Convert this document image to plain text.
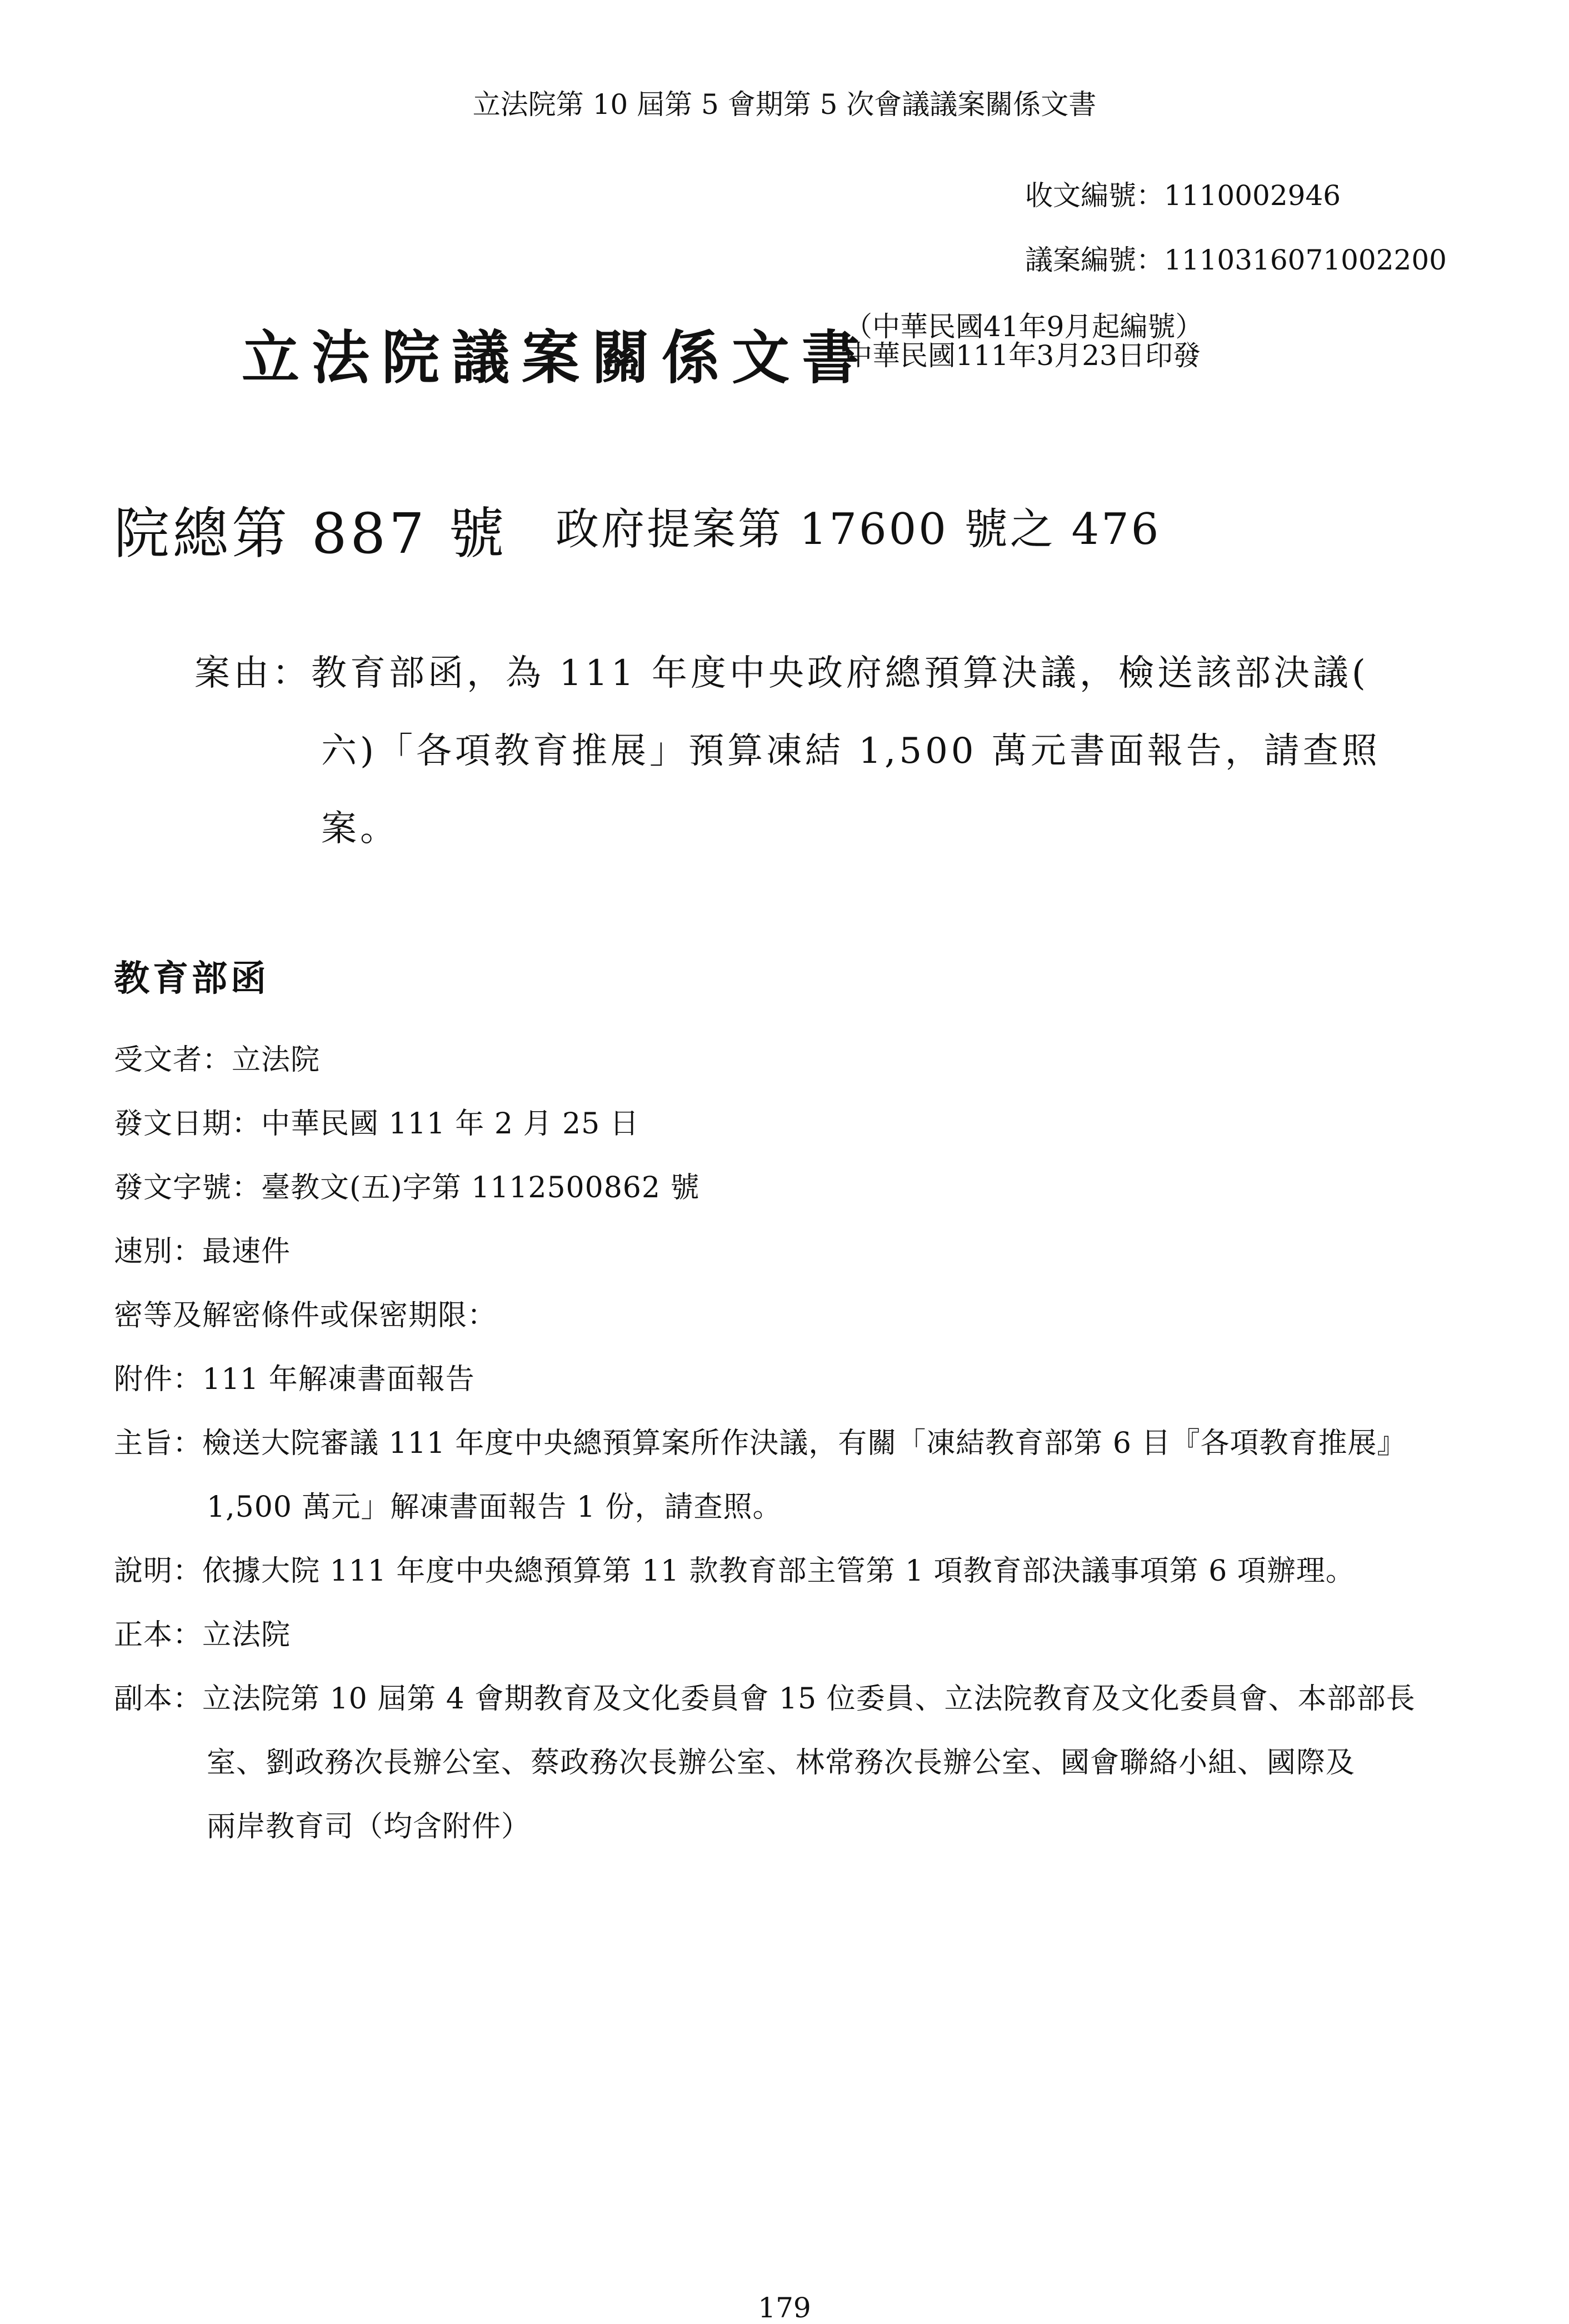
立法院第 10 屆第 5 會期第 5 次會議議案關係文書
收文編號：1110002946
議案編號：1110316071002200
立法院議案關係文書
（中華民國41年9月起編號）
中華民國111年3月23日印發
院總第 887 號 政府提案第 17600 號之 476
案由：教育部函，為 111 年度中央政府總預算決議，檢送該部決議(
六)「各項教育推展」預算凍結 1,500 萬元書面報告，請查照
案。
教育部函
受文者：立法院
發文日期：中華民國 111 年 2 月 25 日
發文字號：臺教文(五)字第 1112500862 號
速別：最速件
密等及解密條件或保密期限：
附件：111 年解凍書面報告
主旨：檢送大院審議 111 年度中央總預算案所作決議，有關「凍結教育部第 6 目『各項教育推展』
1,500 萬元」解凍書面報告 1 份，請查照。
說明：依據大院 111 年度中央總預算第 11 款教育部主管第 1 項教育部決議事項第 6 項辦理。
正本：立法院
副本：立法院第 10 屆第 4 會期教育及文化委員會 15 位委員、立法院教育及文化委員會、本部部長
室、劉政務次長辦公室、蔡政務次長辦公室、林常務次長辦公室、國會聯絡小組、國際及
兩岸教育司（均含附件）
179
